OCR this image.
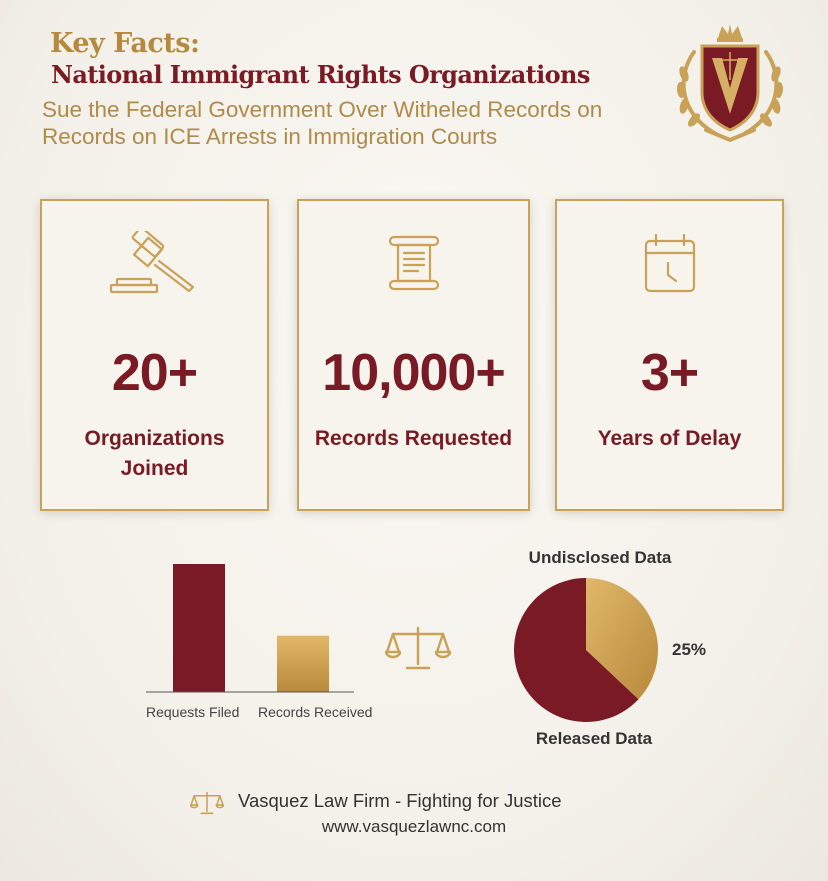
Key Facts:
National Immigrant Rights Organizations
Sue the Federal Government Over Witheled Records on Records on ICE Arrests in Immigration Courts
20+
Organizations
Joined
10,000+
Records Requested
3+
Years of Delay
Requests Filed Records Received
Undisclosed Data
25%
Released Data
Vasquez Law Firm - Fighting for Justice
www.vasquezlawnc.com
